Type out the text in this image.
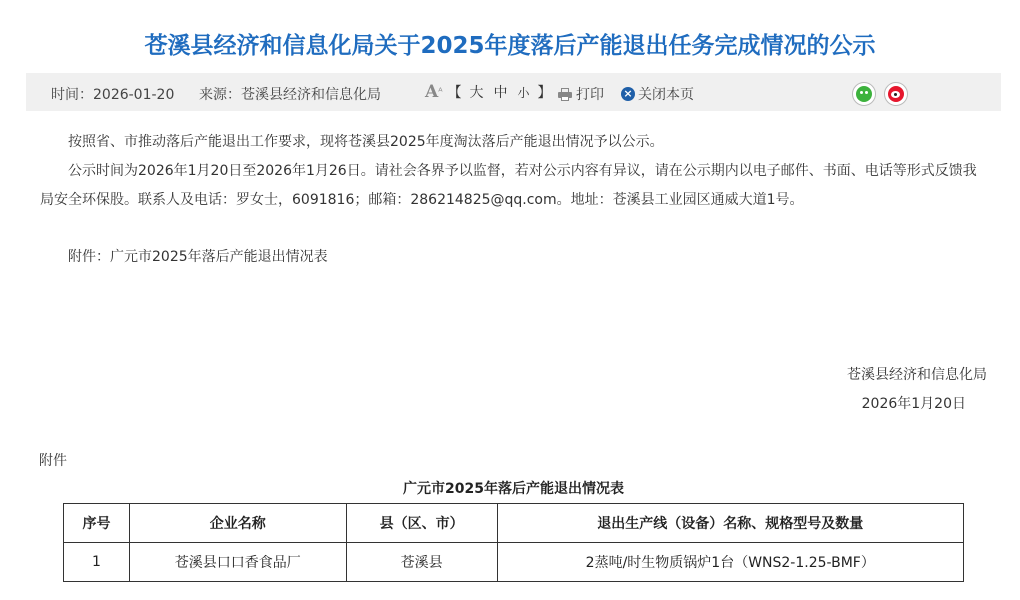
苍溪县经济和信息化局关于2025年度落后产能退出任务完成情况的公示
时间：2026-01-20 来源：苍溪县经济和信息化局	A ᴬ 【 大 中 小 】 打印 × 关闭本页
按照省、市推动落后产能退出工作要求，现将苍溪县2025年度淘汰落后产能退出情况予以公示。
公示时间为2026年1月20日至2026年1月26日。请社会各界予以监督，若对公示内容有异议，请在公示期内以电子邮件、书面、电话等形式反馈我局安全环保股。联系人及电话：罗女士，6091816；邮箱：286214825@qq.com。地址：苍溪县工业园区通威大道1号。
附件：广元市2025年落后产能退出情况表
苍溪县经济和信息化局
2026年1月20日
附件
广元市2025年落后产能退出情况表
序号	企业名称	县（区、市）	退出生产线（设备）名称、规格型号及数量
1	苍溪县口口香食品厂	苍溪县	2蒸吨/时生物质锅炉1台（WNS2-1.25-BMF）
